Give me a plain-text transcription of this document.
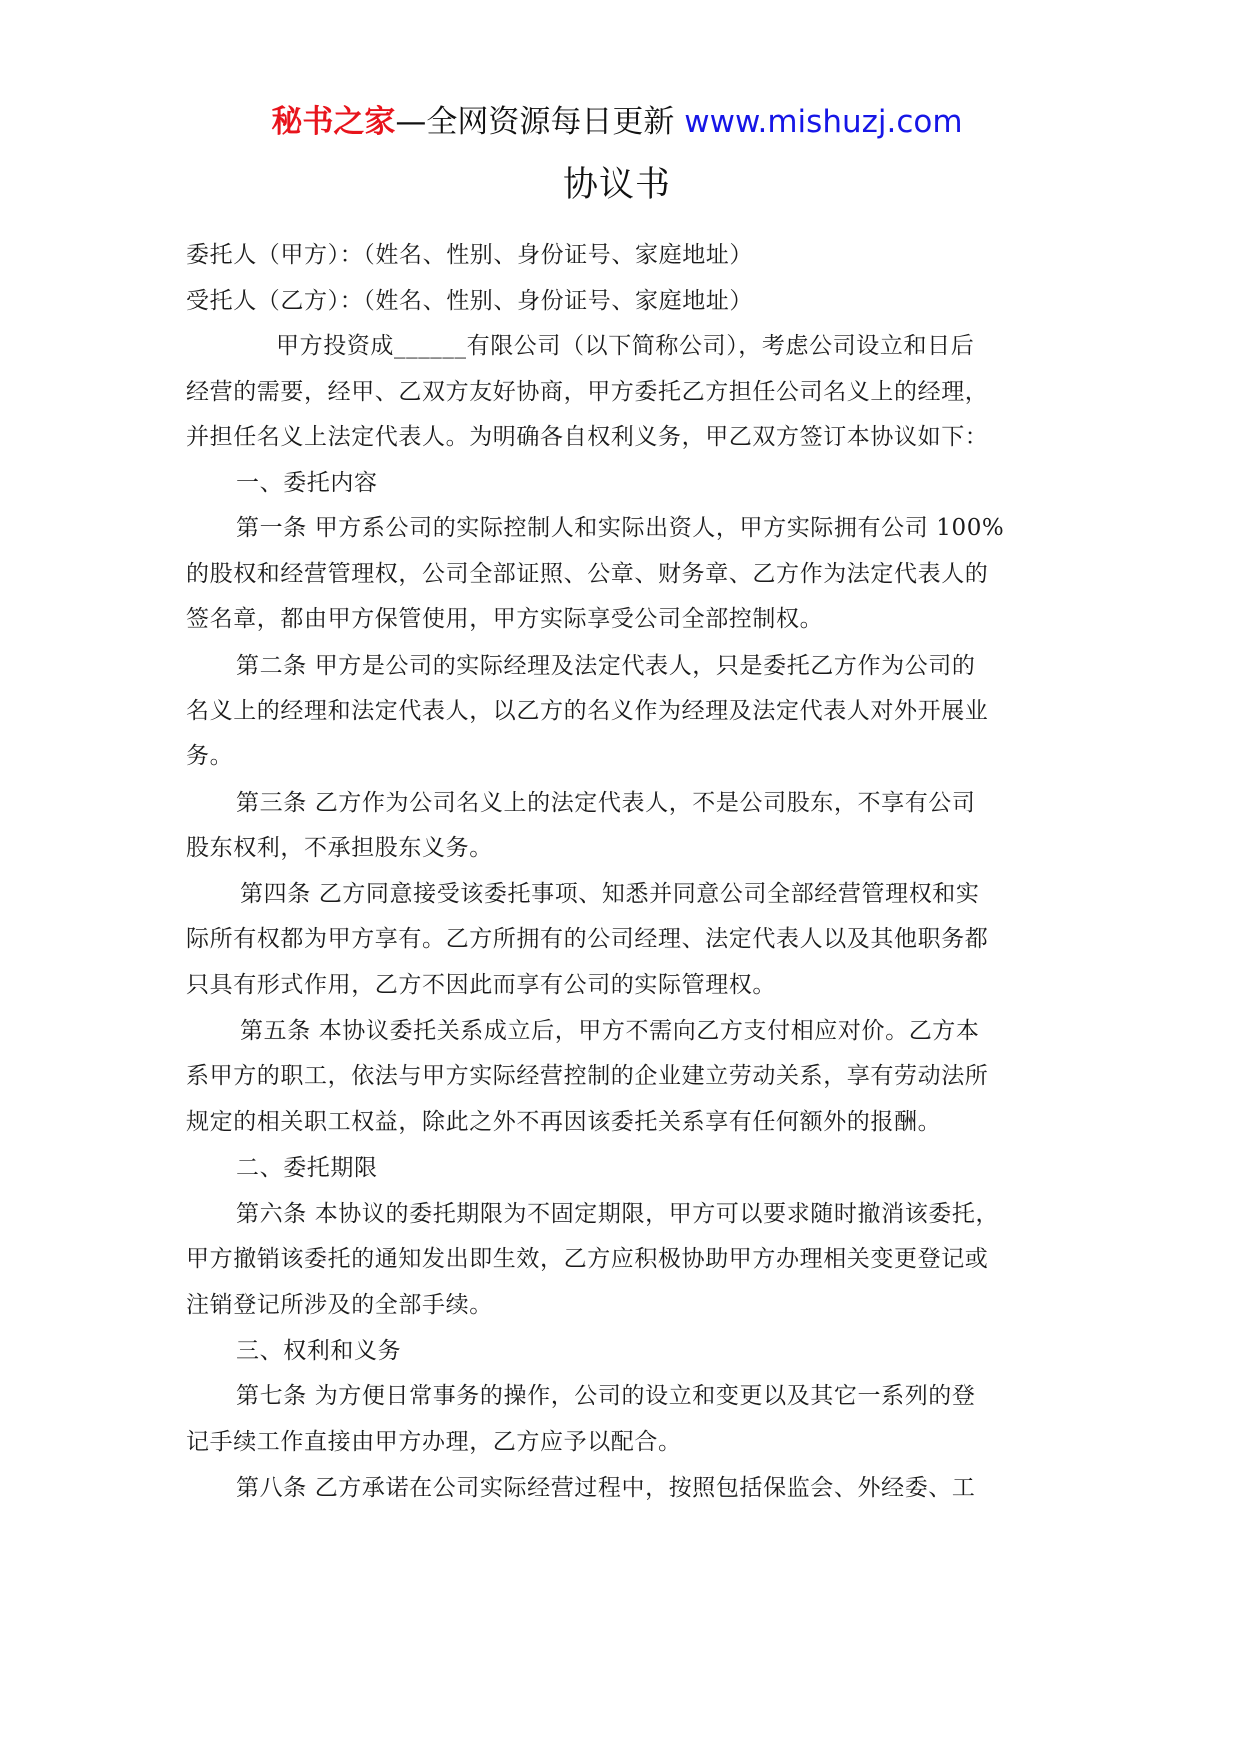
秘书之家—全网资源每日更新 www.mishuzj.com
协议书

委托人（甲方）：（姓名、性别、身份证号、家庭地址）

受托人（乙方）：（姓名、性别、身份证号、家庭地址）

甲方投资成______有限公司（以下简称公司），考虑公司设立和日后

经营的需要，经甲、乙双方友好协商，甲方委托乙方担任公司名义上的经理，

并担任名义上法定代表人。为明确各自权利义务，甲乙双方签订本协议如下：

一、委托内容

第一条 甲方系公司的实际控制人和实际出资人，甲方实际拥有公司 100%

的股权和经营管理权，公司全部证照、公章、财务章、乙方作为法定代表人的

签名章，都由甲方保管使用，甲方实际享受公司全部控制权。

第二条 甲方是公司的实际经理及法定代表人，只是委托乙方作为公司的

名义上的经理和法定代表人，以乙方的名义作为经理及法定代表人对外开展业

务。

第三条 乙方作为公司名义上的法定代表人，不是公司股东，不享有公司

股东权利，不承担股东义务。

第四条 乙方同意接受该委托事项、知悉并同意公司全部经营管理权和实

际所有权都为甲方享有。乙方所拥有的公司经理、法定代表人以及其他职务都

只具有形式作用，乙方不因此而享有公司的实际管理权。

第五条 本协议委托关系成立后，甲方不需向乙方支付相应对价。乙方本

系甲方的职工，依法与甲方实际经营控制的企业建立劳动关系，享有劳动法所

规定的相关职工权益，除此之外不再因该委托关系享有任何额外的报酬。

二、委托期限

第六条 本协议的委托期限为不固定期限，甲方可以要求随时撤消该委托，

甲方撤销该委托的通知发出即生效，乙方应积极协助甲方办理相关变更登记或

注销登记所涉及的全部手续。

三、权利和义务

第七条 为方便日常事务的操作，公司的设立和变更以及其它一系列的登

记手续工作直接由甲方办理，乙方应予以配合。

第八条 乙方承诺在公司实际经营过程中，按照包括保监会、外经委、工
